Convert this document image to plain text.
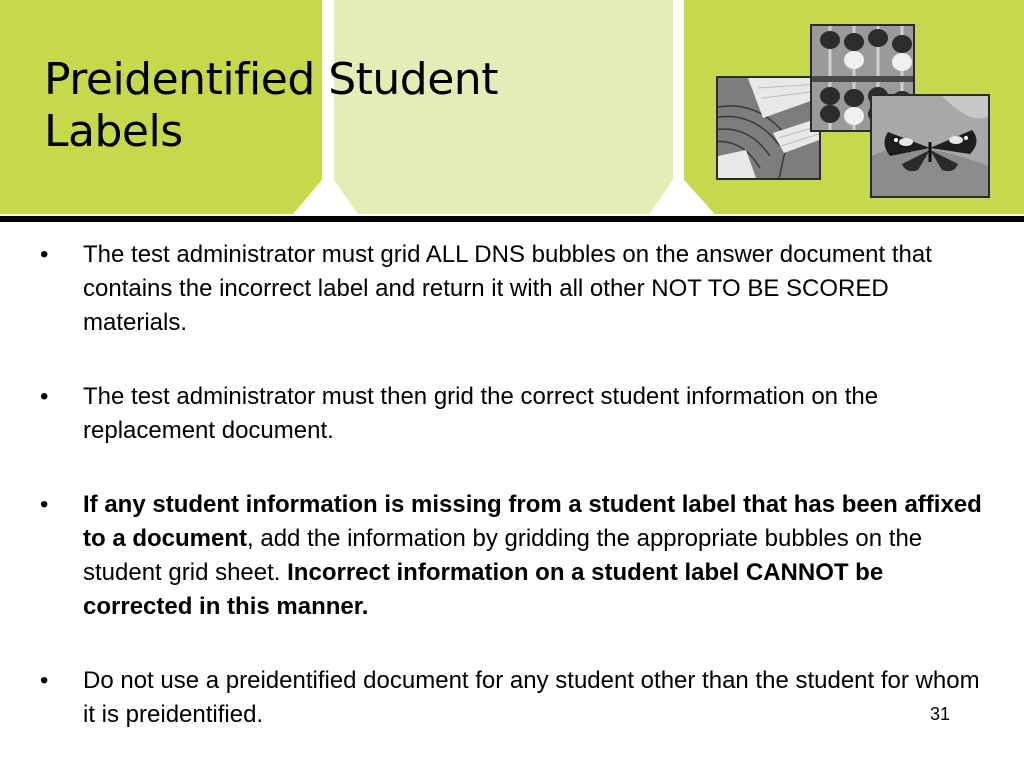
Preidentified Student
Labels

• The test administrator must grid ALL DNS bubbles on the answer document that contains the incorrect label and return it with all other NOT TO BE SCORED materials.

• The test administrator must then grid the correct student information on the replacement document.

• If any student information is missing from a student label that has been affixed to a document, add the information by gridding the appropriate bubbles on the student grid sheet. Incorrect information on a student label CANNOT be corrected in this manner.

• Do not use a preidentified document for any student other than the student for whom it is preidentified.	31
